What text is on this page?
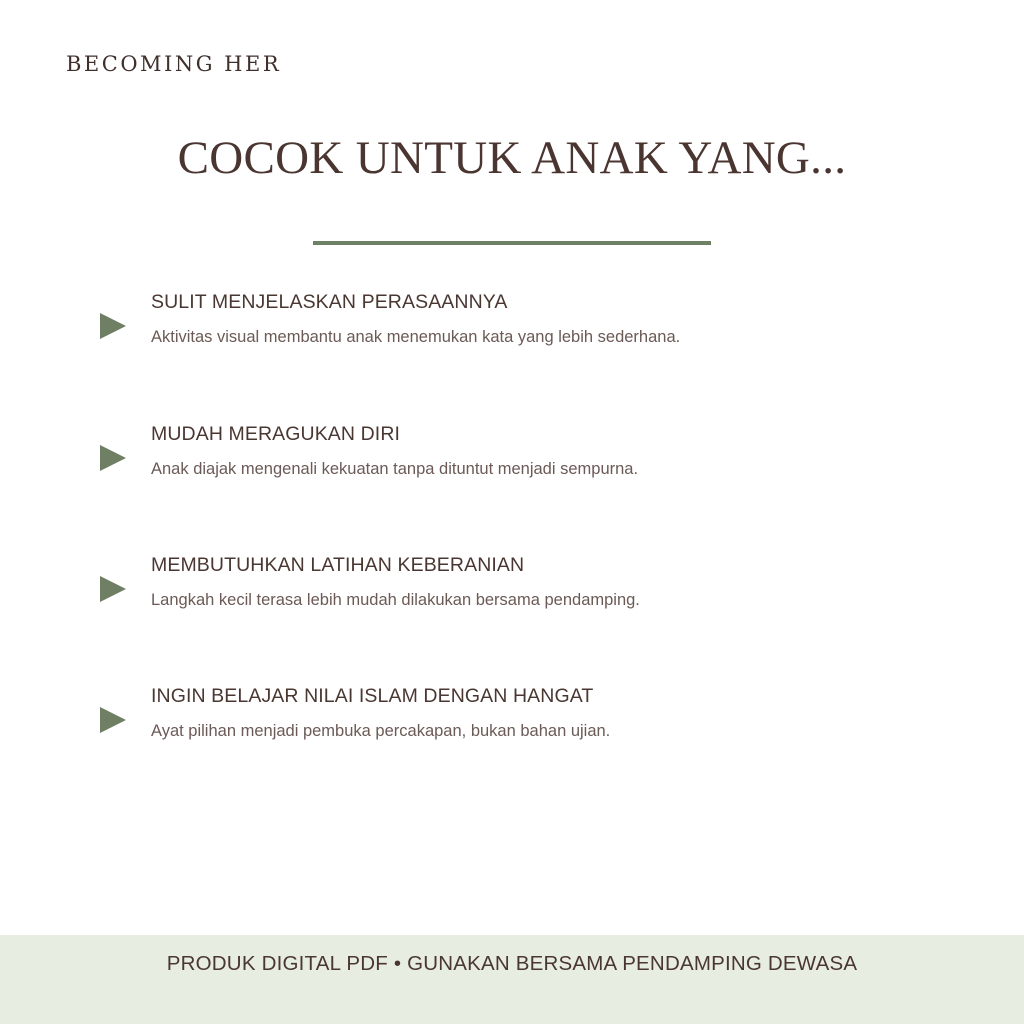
BECOMING HER
COCOK UNTUK ANAK YANG...
SULIT MENJELASKAN PERASAANNYA
Aktivitas visual membantu anak menemukan kata yang lebih sederhana.
MUDAH MERAGUKAN DIRI
Anak diajak mengenali kekuatan tanpa dituntut menjadi sempurna.
MEMBUTUHKAN LATIHAN KEBERANIAN
Langkah kecil terasa lebih mudah dilakukan bersama pendamping.
INGIN BELAJAR NILAI ISLAM DENGAN HANGAT
Ayat pilihan menjadi pembuka percakapan, bukan bahan ujian.
PRODUK DIGITAL PDF • GUNAKAN BERSAMA PENDAMPING DEWASA
